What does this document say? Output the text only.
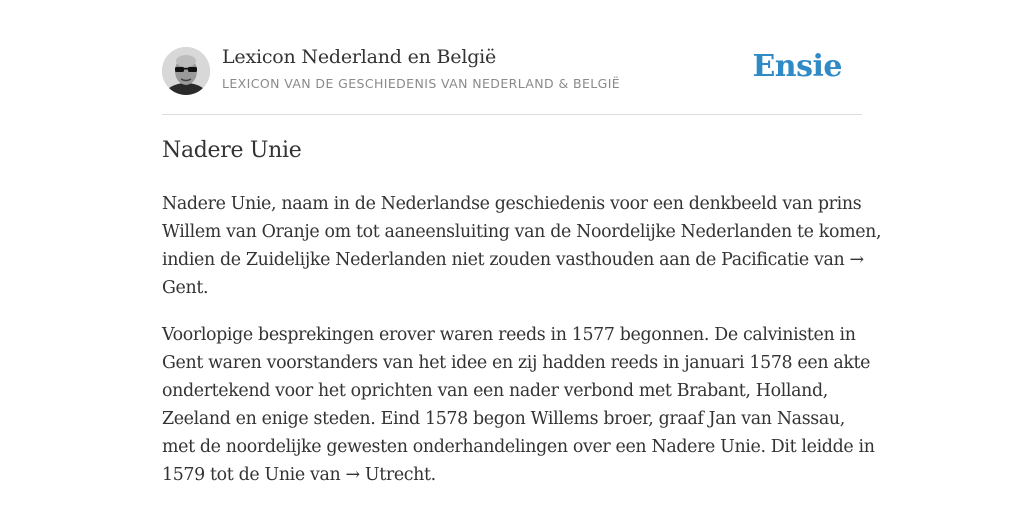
Lexicon Nederland en België
LEXICON VAN DE GESCHIEDENIS VAN NEDERLAND & BELGIË	Ensie
Nadere Unie

Nadere Unie, naam in de Nederlandse geschiedenis voor een denkbeeld van prins Willem van Oranje om tot aaneensluiting van de Noordelijke Nederlanden te komen, indien de Zuidelijke Nederlanden niet zouden vasthouden aan de Pacificatie van → Gent.

Voorlopige besprekingen erover waren reeds in 1577 begonnen. De calvinisten in Gent waren voorstanders van het idee en zij hadden reeds in januari 1578 een akte ondertekend voor het oprichten van een nader verbond met Brabant, Holland, Zeeland en enige steden. Eind 1578 begon Willems broer, graaf Jan van Nassau, met de noordelijke gewesten onderhandelingen over een Nadere Unie. Dit leidde in 1579 tot de Unie van → Utrecht.
